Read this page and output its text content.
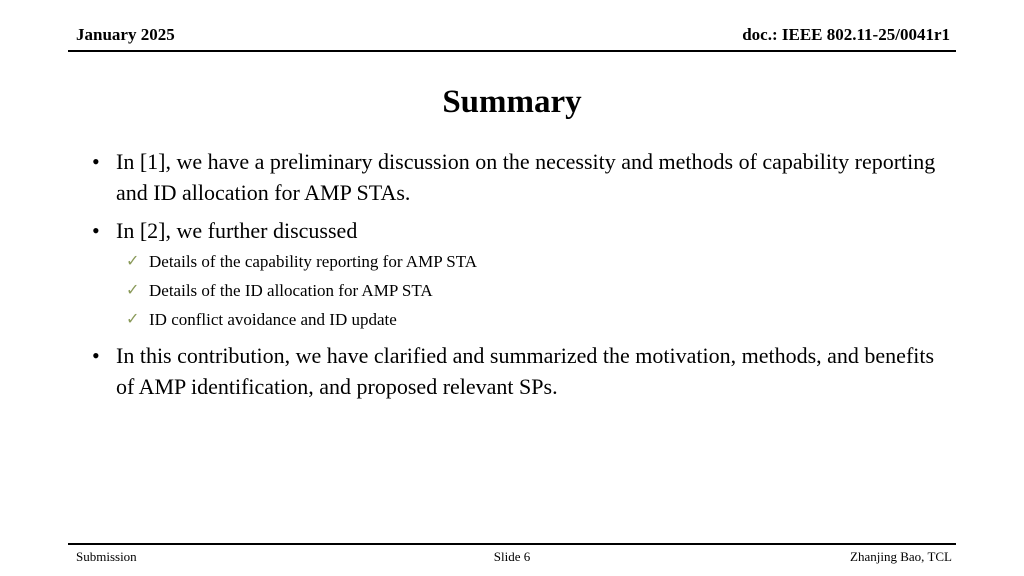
January 2025	doc.: IEEE 802.11-25/0041r1
Summary
• In [1], we have a preliminary discussion on the necessity and methods of capability reporting and ID allocation for AMP STAs.
• In [2], we further discussed
✓ Details of the capability reporting for AMP STA
✓ Details of the ID allocation for AMP STA
✓ ID conflict avoidance and ID update
• In this contribution, we have clarified and summarized the motivation, methods, and benefits of AMP identification, and proposed relevant SPs.
Submission	Slide 6	Zhanjing Bao, TCL
